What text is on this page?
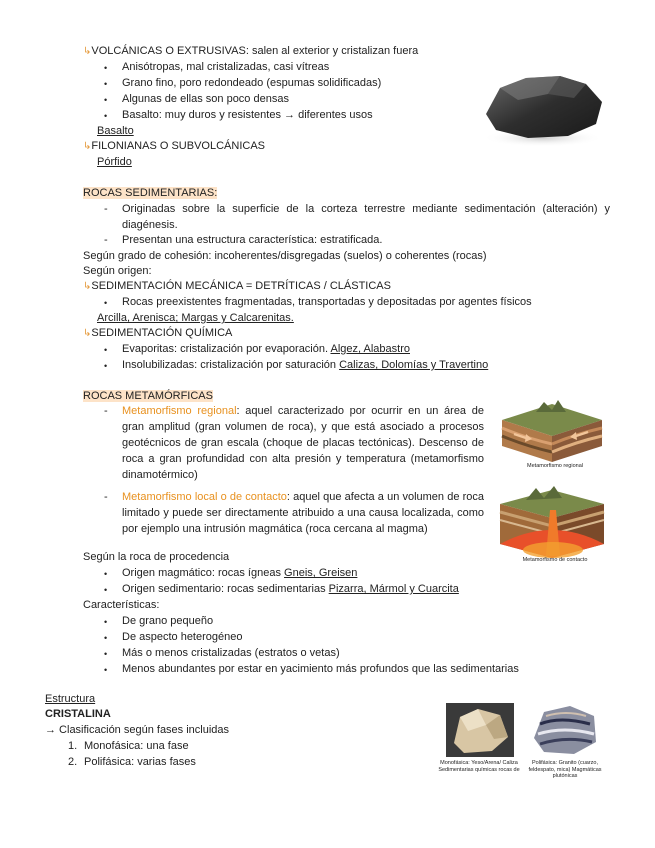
↳VOLCÁNICAS O EXTRUSIVAS: salen al exterior y cristalizan fuera
• Anisótropas, mal cristalizadas, casi vítreas
• Grano fino, poro redondeado (espumas solidificadas)
• Algunas de ellas son poco densas
• Basalto: muy duros y resistentes → diferentes usos
Basalto
↳FILONIANAS O SUBVOLCÁNICAS
Pórfido
ROCAS SEDIMENTARIAS:
- Originadas sobre la superficie de la corteza terrestre mediante sedimentación (alteración) y diagénesis.
- Presentan una estructura característica: estratificada.
Según grado de cohesión: incoherentes/disgregadas (suelos) o coherentes (rocas)
Según origen:
↳SEDIMENTACIÓN MECÁNICA = DETRÍTICAS / CLÁSTICAS
• Rocas preexistentes fragmentadas, transportadas y depositadas por agentes físicos
Arcilla, Arenisca; Margas y Calcarenitas.
↳SEDIMENTACIÓN QUÍMICA
• Evaporitas: cristalización por evaporación. Algez, Alabastro
• Insolubilizadas: cristalización por saturación Calizas, Dolomías y Travertino
ROCAS METAMÓRFICAS
- Metamorfismo regional: aquel caracterizado por ocurrir en un área de gran amplitud (gran volumen de roca), y que está asociado a procesos geotécnicos de gran escala (choque de placas tectónicas). Descenso de roca a gran profundidad con alta presión y temperatura (metamorfismo dinamotérmico)
Metamorfismo regional
- Metamorfismo local o de contacto: aquel que afecta a un volumen de roca limitado y puede ser directamente atribuido a una causa localizada, como por ejemplo una intrusión magmática (roca cercana al magma)
Metamorfismo de contacto
Según la roca de procedencia
• Origen magmático: rocas ígneas Gneis, Greisen
• Origen sedimentario: rocas sedimentarias Pizarra, Mármol y Cuarcita
Características:
• De grano pequeño
• De aspecto heterogéneo
• Más o menos cristalizadas (estratos o vetas)
• Menos abundantes por estar en yacimiento más profundos que las sedimentarias
Estructura
CRISTALINA
→ Clasificación según fases incluidas
1. Monofásica: una fase
2. Polifásica: varias fases	Monofásica: Yeso/Arena/ Caliza Sedimentarias químicas rocas de
Polifásica: Granito (cuarzo, feldespato, mica) Magmáticas plutónicas
